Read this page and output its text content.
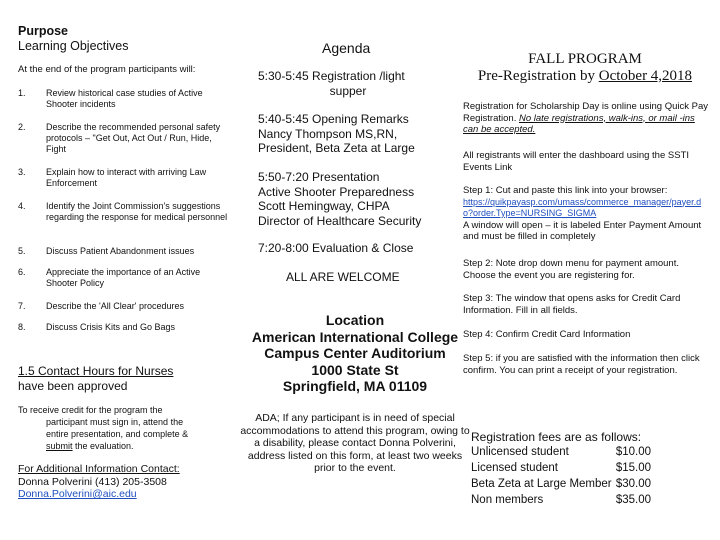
Purpose
Learning Objectives
At the end of the program participants will:
1.	Review historical case studies of Active Shooter incidents
2.	Describe the recommended personal safety protocols – "Get Out, Act Out / Run, Hide, Fight
3.	Explain how to interact with arriving Law Enforcement
4.	Identify the Joint Commission's suggestions regarding the response for medical personnel
5.	Discuss Patient Abandonment issues
6.	Appreciate the importance of an Active Shooter Policy
7.	Describe the 'All Clear' procedures
8.	Discuss Crisis Kits and Go Bags
1.5 Contact Hours for Nurses
have been approved
To receive credit for the program the
participant must sign in, attend the
entire presentation, and complete &
submit the evaluation.
For Additional Information Contact:
Donna Polverini (413) 205-3508
Donna.Polverini@aic.edu
Agenda
5:30-5:45 Registration /light
supper
5:40-5:45 Opening Remarks
Nancy Thompson MS,RN,
President, Beta Zeta at Large
5:50-7:20 Presentation
Active Shooter Preparedness
Scott Hemingway, CHPA
Director of Healthcare Security
7:20-8:00 Evaluation & Close
ALL ARE WELCOME
Location
American International College
Campus Center Auditorium
1000 State St
Springfield, MA 01109
ADA; If any participant is in need of special accommodations to attend this program, owing to a disability, please contact Donna Polverini, address listed on this form, at least two weeks prior to the event.
FALL PROGRAM
Pre-Registration by October 4,2018
Registration for Scholarship Day is online using Quick Pay Registration. No late registrations, walk-ins, or mail -ins can be accepted.
All registrants will enter the dashboard using the SSTI Events Link
Step 1: Cut and paste this link into your browser:
https://quikpayasp.com/umass/commerce_manager/payer.do?order.Type=NURSING_SIGMA
A window will open – it is labeled Enter Payment Amount and must be filled in completely
Step 2: Note drop down menu for payment amount. Choose the event you are registering for.
Step 3: The window that opens asks for Credit Card Information. Fill in all fields.
Step 4: Confirm Credit Card Information
Step 5: if you are satisfied with the information then click confirm. You can print a receipt of your registration.
Registration fees are as follows:
Unlicensed student	$10.00
Licensed student	$15.00
Beta Zeta at Large Member $30.00
Non members	$35.00
